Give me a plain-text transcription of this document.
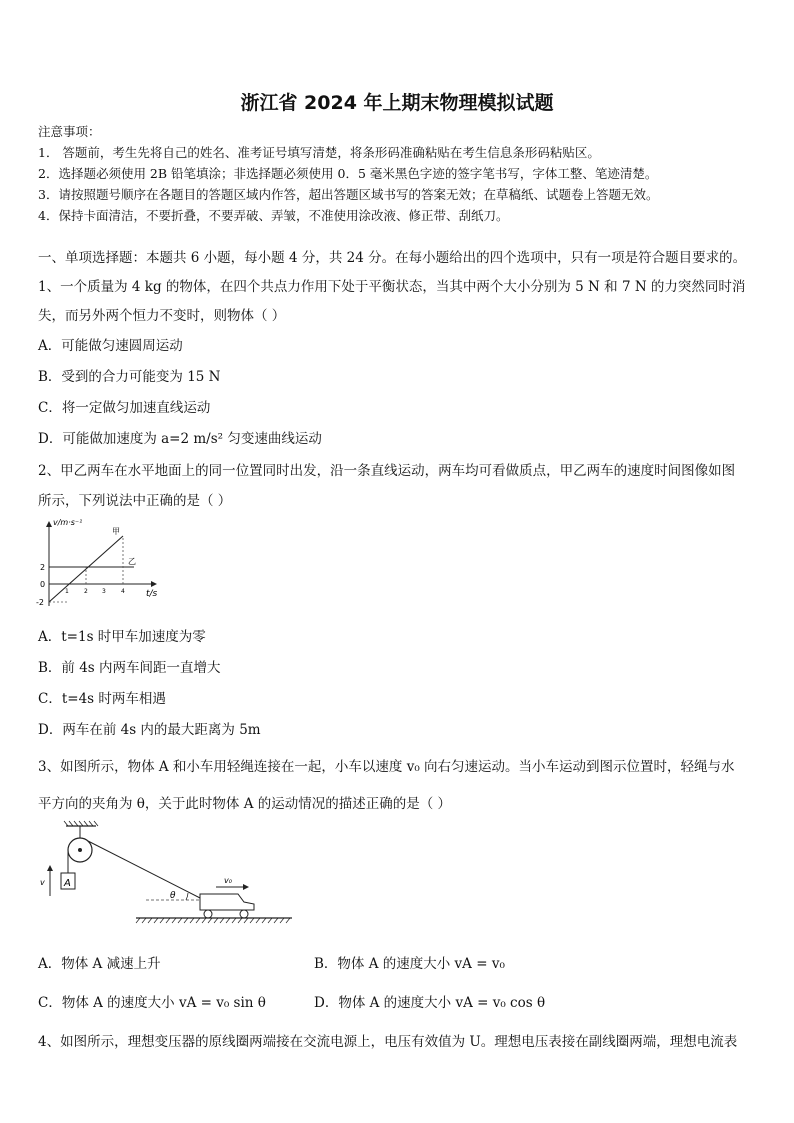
浙江省 2024 年上期末物理模拟试题
注意事项：
1． 答题前，考生先将自己的姓名、准考证号填写清楚，将条形码准确粘贴在考生信息条形码粘贴区。
2．选择题必须使用 2B 铅笔填涂；非选择题必须使用 0．5 毫米黑色字迹的签字笔书写，字体工整、笔迹清楚。
3．请按照题号顺序在各题目的答题区域内作答，超出答题区域书写的答案无效；在草稿纸、试题卷上答题无效。
4．保持卡面清洁，不要折叠，不要弄破、弄皱，不准使用涂改液、修正带、刮纸刀。
一、单项选择题：本题共 6 小题，每小题 4 分，共 24 分。在每小题给出的四个选项中，只有一项是符合题目要求的。
1、一个质量为 4 kg 的物体，在四个共点力作用下处于平衡状态，当其中两个大小分别为 5 N 和 7 N 的力突然同时消
失，而另外两个恒力不变时，则物体（ ）
A．可能做匀速圆周运动
B．受到的合力可能变为 15 N
C．将一定做匀加速直线运动
D．可能做加速度为 a=2 m/s² 匀变速曲线运动
2、甲乙两车在水平地面上的同一位置同时出发，沿一条直线运动，两车均可看做质点，甲乙两车的速度时间图像如图
所示，下列说法中正确的是（ ）
v/m·s⁻¹
t/s
甲
乙
2
0
-2
1	2 3	4
A．t=1s 时甲车加速度为零
B．前 4s 内两车间距一直增大
C．t=4s 时两车相遇
D．两车在前 4s 内的最大距离为 5m
3、如图所示，物体 A 和小车用轻绳连接在一起，小车以速度 v₀ 向右匀速运动。当小车运动到图示位置时，轻绳与水
平方向的夹角为 θ，关于此时物体 A 的运动情况的描述正确的是（ ）
A
v
θ
v₀
A．物体 A 减速上升	B．物体 A 的速度大小 vA = v₀
C．物体 A 的速度大小 vA = v₀ sin θ	D．物体 A 的速度大小 vA = v₀ cos θ
4、如图所示，理想变压器的原线圈两端接在交流电源上，电压有效值为 U。理想电压表接在副线圈两端，理想电流表
